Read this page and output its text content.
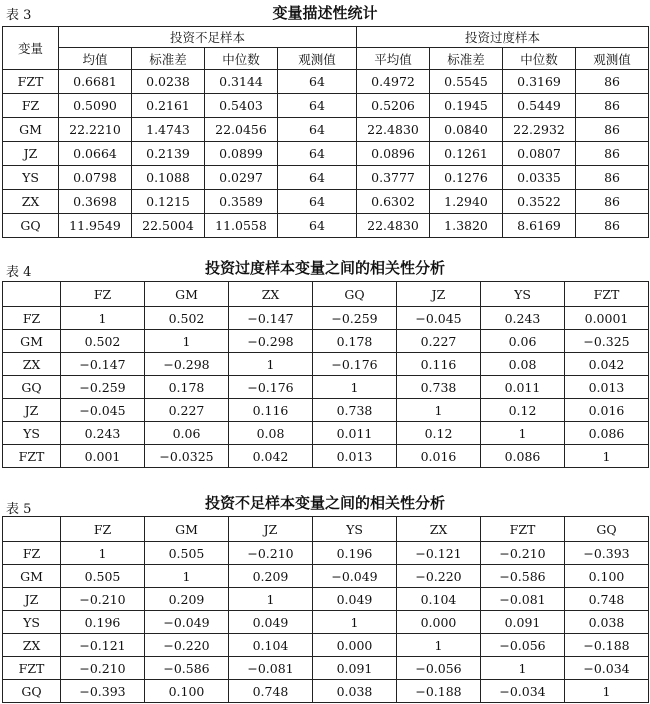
表 3	变量描述性统计
变量	投资不足样本				投资过度样本			
	均值	标准差	中位数	观测值	平均值	标准差	中位数	观测值
FZT	0.6681	0.0238	0.3144	64	0.4972	0.5545	0.3169	86
FZ	0.5090	0.2161	0.5403	64	0.5206	0.1945	0.5449	86
GM	22.2210	1.4743	22.0456	64	22.4830	0.0840	22.2932	86
JZ	0.0664	0.2139	0.0899	64	0.0896	0.1261	0.0807	86
YS	0.0798	0.1088	0.0297	64	0.3777	0.1276	0.0335	86
ZX	0.3698	0.1215	0.3589	64	0.6302	1.2940	0.3522	86
GQ	11.9549	22.5004	11.0558	64	22.4830	1.3820	8.6169	86
表 4	投资过度样本变量之间的相关性分析
	FZ	GM	ZX	GQ	JZ	YS	FZT
FZ	1	0.502	−0.147	−0.259	−0.045	0.243	0.0001
GM	0.502	1	−0.298	0.178	0.227	0.06	−0.325
ZX	−0.147	−0.298	1	−0.176	0.116	0.08	0.042
GQ	−0.259	0.178	−0.176	1	0.738	0.011	0.013
JZ	−0.045	0.227	0.116	0.738	1	0.12	0.016
YS	0.243	0.06	0.08	0.011	0.12	1	0.086
FZT	0.001	−0.0325	0.042	0.013	0.016	0.086	1
表 5	投资不足样本变量之间的相关性分析
	FZ	GM	JZ	YS	ZX	FZT	GQ
FZ	1	0.505	−0.210	0.196	−0.121	−0.210	−0.393
GM	0.505	1	0.209	−0.049	−0.220	−0.586	0.100
JZ	−0.210	0.209	1	0.049	0.104	−0.081	0.748
YS	0.196	−0.049	0.049	1	0.000	0.091	0.038
ZX	−0.121	−0.220	0.104	0.000	1	−0.056	−0.188
FZT	−0.210	−0.586	−0.081	0.091	−0.056	1	−0.034
GQ	−0.393	0.100	0.748	0.038	−0.188	−0.034	1
